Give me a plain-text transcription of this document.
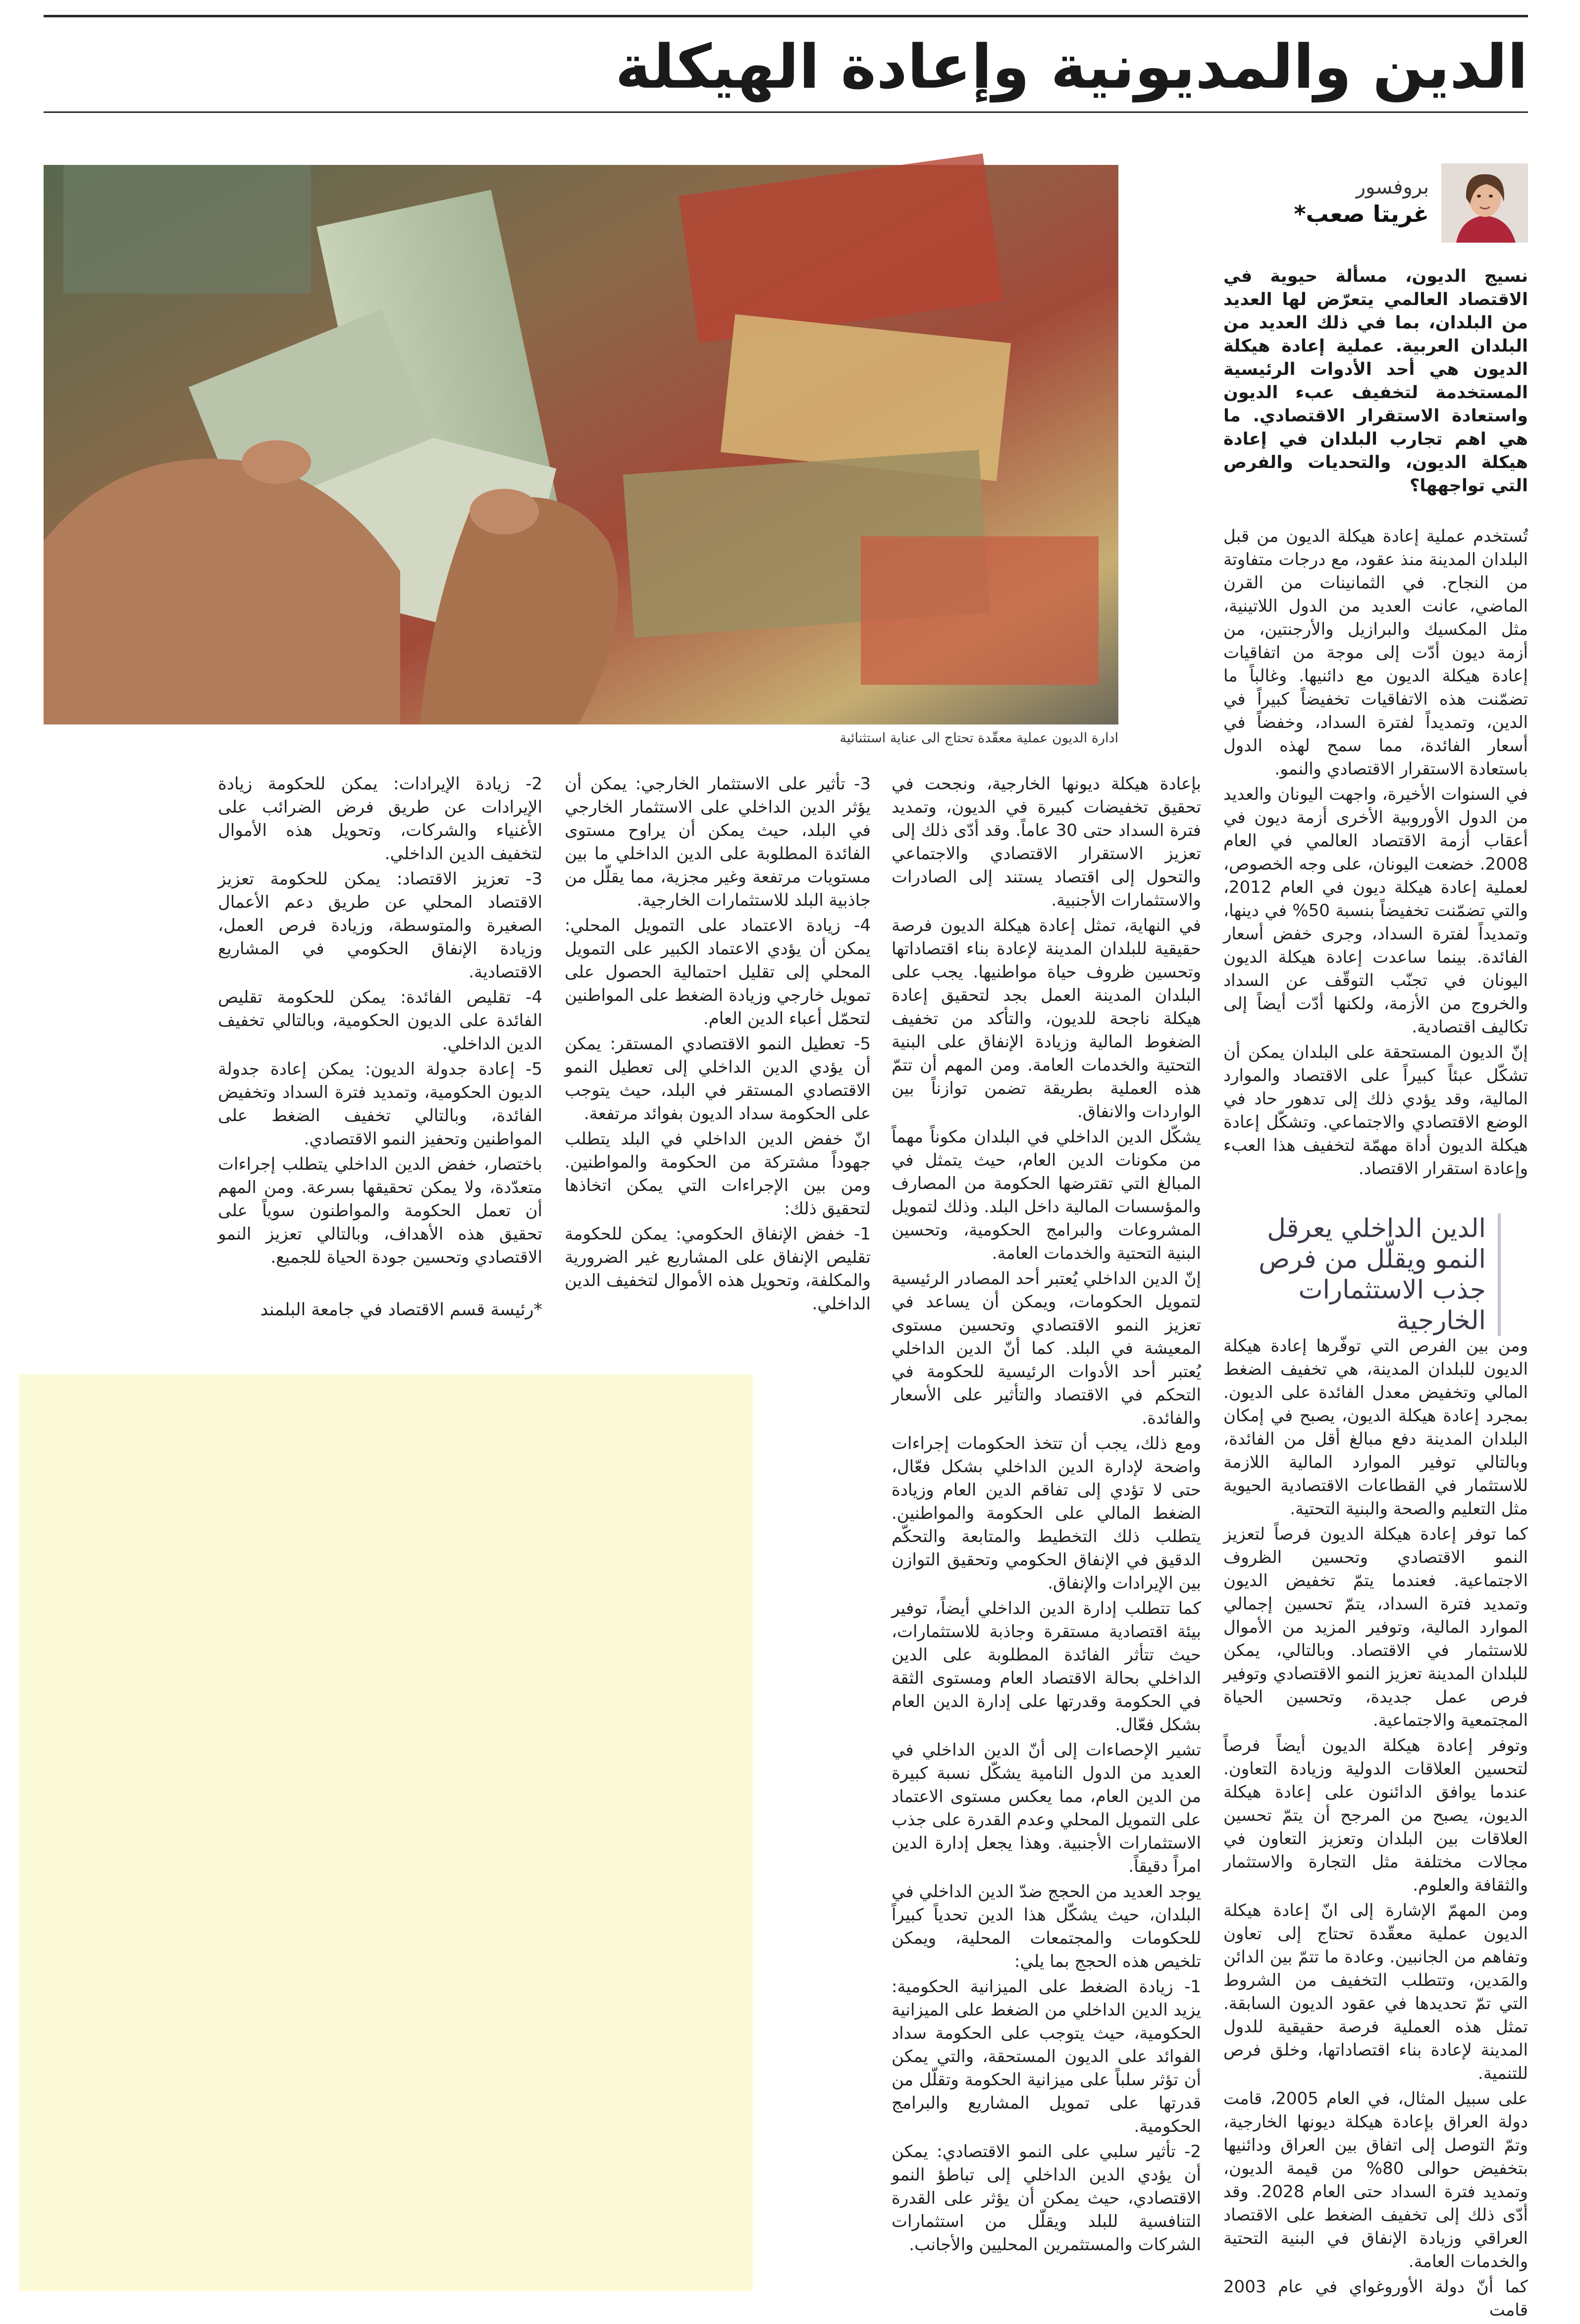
الدين والمديونية وإعادة الهيكلة
بروفسور
غريتا صعب*

نسيج الديون، مسألة حيوية في الاقتصاد العالمي يتعرّض لها العديد من البلدان، بما في ذلك العديد من البلدان العربية. عملية إعادة هيكلة الديون هي أحد الأدوات الرئيسية المستخدمة لتخفيف عبء الديون واستعادة الاستقرار الاقتصادي. ما هي اهم تجارب البلدان في إعادة هيكلة الديون، والتحديات والفرص التي تواجهها؟

ادارة الديون عملية معقّدة تحتاج الى عناية استثنائية

تُستخدم عملية إعادة هيكلة الديون من قبل البلدان المدينة منذ عقود، مع درجات متفاوتة من النجاح. في الثمانينات من القرن الماضي، عانت العديد من الدول اللاتينية، مثل المكسيك والبرازيل والأرجنتين، من أزمة ديون أدّت إلى موجة من اتفاقيات إعادة هيكلة الديون مع دائنيها. وغالباً ما تضمّنت هذه الاتفاقيات تخفيضاً كبيراً في الدين، وتمديداً لفترة السداد، وخفضاً في أسعار الفائدة، مما سمح لهذه الدول باستعادة الاستقرار الاقتصادي والنمو.

في السنوات الأخيرة، واجهت اليونان والعديد من الدول الأوروبية الأخرى أزمة ديون في أعقاب أزمة الاقتصاد العالمي في العام 2008. خضعت اليونان، على وجه الخصوص، لعملية إعادة هيكلة ديون في العام 2012، والتي تضمّنت تخفيضاً بنسبة 50% في دينها، وتمديداً لفترة السداد، وجرى خفض أسعار الفائدة. بينما ساعدت إعادة هيكلة الديون اليونان في تجنّب التوقّف عن السداد والخروج من الأزمة، ولكنها أدّت أيضاً إلى تكاليف اقتصادية.

إنّ الديون المستحقة على البلدان يمكن أن تشكّل عبئاً كبيراً على الاقتصاد والموارد المالية، وقد يؤدي ذلك إلى تدهور حاد في الوضع الاقتصادي والاجتماعي. وتشكّل إعادة هيكلة الديون أداة مهمّة لتخفيف هذا العبء وإعادة استقرار الاقتصاد.

الدين الداخلي يعرقل النمو ويقلّل من فرص جذب الاستثمارات الخارجية

ومن بين الفرص التي توفّرها إعادة هيكلة الديون للبلدان المدينة، هي تخفيف الضغط المالي وتخفيض معدل الفائدة على الديون. بمجرد إعادة هيكلة الديون، يصبح في إمكان البلدان المدينة دفع مبالغ أقل من الفائدة، وبالتالي توفير الموارد المالية اللازمة للاستثمار في القطاعات الاقتصادية الحيوية مثل التعليم والصحة والبنية التحتية.

كما توفر إعادة هيكلة الديون فرصاً لتعزيز النمو الاقتصادي وتحسين الظروف الاجتماعية. فعندما يتمّ تخفيض الديون وتمديد فترة السداد، يتمّ تحسين إجمالي الموارد المالية، وتوفير المزيد من الأموال للاستثمار في الاقتصاد. وبالتالي، يمكن للبلدان المدينة تعزيز النمو الاقتصادي وتوفير فرص عمل جديدة، وتحسين الحياة المجتمعية والاجتماعية.

وتوفر إعادة هيكلة الديون أيضاً فرصاً لتحسين العلاقات الدولية وزيادة التعاون. عندما يوافق الدائنون على إعادة هيكلة الديون، يصبح من المرجح أن يتمّ تحسين العلاقات بين البلدان وتعزيز التعاون في مجالات مختلفة مثل التجارة والاستثمار والثقافة والعلوم.

ومن المهمّ الإشارة إلى انّ إعادة هيكلة الديون عملية معقّدة تحتاج إلى تعاون وتفاهم من الجانبين. وعادة ما تتمّ بين الدائن والمَدين، وتتطلب التخفيف من الشروط التي تمّ تحديدها في عقود الديون السابقة. تمثل هذه العملية فرصة حقيقية للدول المدينة لإعادة بناء اقتصاداتها، وخلق فرص للتنمية.

على سبيل المثال، في العام 2005، قامت دولة العراق بإعادة هيكلة ديونها الخارجية، وتمّ التوصل إلى اتفاق بين العراق ودائنيها بتخفيض حوالى 80% من قيمة الديون، وتمديد فترة السداد حتى العام 2028. وقد أدّى ذلك إلى تخفيف الضغط على الاقتصاد العراقي وزيادة الإنفاق في البنية التحتية والخدمات العامة.

كما أنّ دولة الأوروغواي في عام 2003 قامت

بإعادة هيكلة ديونها الخارجية، ونجحت في تحقيق تخفيضات كبيرة في الديون، وتمديد فترة السداد حتى 30 عاماً. وقد أدّى ذلك إلى تعزيز الاستقرار الاقتصادي والاجتماعي والتحول إلى اقتصاد يستند إلى الصادرات والاستثمارات الأجنبية.

في النهاية، تمثل إعادة هيكلة الديون فرصة حقيقية للبلدان المدينة لإعادة بناء اقتصاداتها وتحسين ظروف حياة مواطنيها. يجب على البلدان المدينة العمل بجد لتحقيق إعادة هيكلة ناجحة للديون، والتأكد من تخفيف الضغوط المالية وزيادة الإنفاق على البنية التحتية والخدمات العامة. ومن المهم أن تتمّ هذه العملية بطريقة تضمن توازناً بين الواردات والانفاق.

يشكّل الدين الداخلي في البلدان مكوناً مهماً من مكونات الدين العام، حيث يتمثل في المبالغ التي تقترضها الحكومة من المصارف والمؤسسات المالية داخل البلد. وذلك لتمويل المشروعات والبرامج الحكومية، وتحسين البنية التحتية والخدمات العامة.

إنّ الدين الداخلي يُعتبر أحد المصادر الرئيسية لتمويل الحكومات، ويمكن أن يساعد في تعزيز النمو الاقتصادي وتحسين مستوى المعيشة في البلد. كما أنّ الدين الداخلي يُعتبر أحد الأدوات الرئيسية للحكومة في التحكم في الاقتصاد والتأثير على الأسعار والفائدة.

ومع ذلك، يجب أن تتخذ الحكومات إجراءات واضحة لإدارة الدين الداخلي بشكل فعّال، حتى لا تؤدي إلى تفاقم الدين العام وزيادة الضغط المالي على الحكومة والمواطنين. يتطلب ذلك التخطيط والمتابعة والتحكّم الدقيق في الإنفاق الحكومي وتحقيق التوازن بين الإيرادات والإنفاق.

كما تتطلب إدارة الدين الداخلي أيضاً، توفير بيئة اقتصادية مستقرة وجاذبة للاستثمارات، حيث تتأثر الفائدة المطلوبة على الدين الداخلي بحالة الاقتصاد العام ومستوى الثقة في الحكومة وقدرتها على إدارة الدين العام بشكل فعّال.

تشير الإحصاءات إلى أنّ الدين الداخلي في العديد من الدول النامية يشكّل نسبة كبيرة من الدين العام، مما يعكس مستوى الاعتماد على التمويل المحلي وعدم القدرة على جذب الاستثمارات الأجنبية. وهذا يجعل إدارة الدين امراً دقيقاً.

يوجد العديد من الحجج ضدّ الدين الداخلي في البلدان، حيث يشكّل هذا الدين تحدياً كبيراً للحكومات والمجتمعات المحلية، ويمكن تلخيص هذه الحجج بما يلي:

1- زيادة الضغط على الميزانية الحكومية: يزيد الدين الداخلي من الضغط على الميزانية الحكومية، حيث يتوجب على الحكومة سداد الفوائد على الديون المستحقة، والتي يمكن أن تؤثر سلباً على ميزانية الحكومة وتقلّل من قدرتها على تمويل المشاريع والبرامج الحكومية.

2- تأثير سلبي على النمو الاقتصادي: يمكن أن يؤدي الدين الداخلي إلى تباطؤ النمو الاقتصادي، حيث يمكن أن يؤثر على القدرة التنافسية للبلد ويقلّل من استثمارات الشركات والمستثمرين المحليين والأجانب.

3- تأثير على الاستثمار الخارجي: يمكن أن يؤثر الدين الداخلي على الاستثمار الخارجي في البلد، حيث يمكن أن يراوح مستوى الفائدة المطلوبة على الدين الداخلي ما بين مستويات مرتفعة وغير مجزية، مما يقلّل من جاذبية البلد للاستثمارات الخارجية.

4- زيادة الاعتماد على التمويل المحلي: يمكن أن يؤدي الاعتماد الكبير على التمويل المحلي إلى تقليل احتمالية الحصول على تمويل خارجي وزيادة الضغط على المواطنين لتحمّل أعباء الدين العام.

5- تعطيل النمو الاقتصادي المستقر: يمكن أن يؤدي الدين الداخلي إلى تعطيل النمو الاقتصادي المستقر في البلد، حيث يتوجب على الحكومة سداد الديون بفوائد مرتفعة.

انّ خفض الدين الداخلي في البلد يتطلب جهوداً مشتركة من الحكومة والمواطنين. ومن بين الإجراءات التي يمكن اتخاذها لتحقيق ذلك:

1- خفض الإنفاق الحكومي: يمكن للحكومة تقليص الإنفاق على المشاريع غير الضرورية والمكلفة، وتحويل هذه الأموال لتخفيف الدين الداخلي.

2- زيادة الإيرادات: يمكن للحكومة زيادة الإيرادات عن طريق فرض الضرائب على الأغنياء والشركات، وتحويل هذه الأموال لتخفيف الدين الداخلي.

3- تعزيز الاقتصاد: يمكن للحكومة تعزيز الاقتصاد المحلي عن طريق دعم الأعمال الصغيرة والمتوسطة، وزيادة فرص العمل، وزيادة الإنفاق الحكومي في المشاريع الاقتصادية.

4- تقليص الفائدة: يمكن للحكومة تقليص الفائدة على الديون الحكومية، وبالتالي تخفيف الدين الداخلي.

5- إعادة جدولة الديون: يمكن إعادة جدولة الديون الحكومية، وتمديد فترة السداد وتخفيض الفائدة، وبالتالي تخفيف الضغط على المواطنين وتحفيز النمو الاقتصادي.

باختصار، خفض الدين الداخلي يتطلب إجراءات متعدّدة، ولا يمكن تحقيقها بسرعة. ومن المهم أن تعمل الحكومة والمواطنون سوياً على تحقيق هذه الأهداف، وبالتالي تعزيز النمو الاقتصادي وتحسين جودة الحياة للجميع.

*رئيسة قسم الاقتصاد في جامعة البلمند
